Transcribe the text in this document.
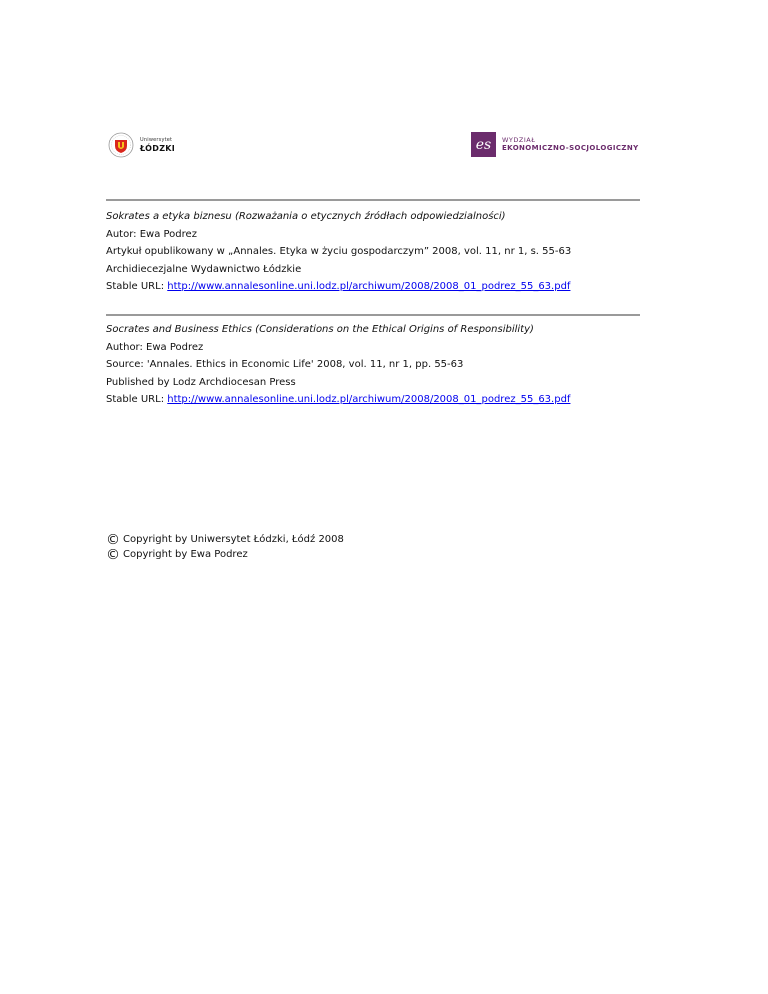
Uniwersytet
ŁÓDZKI	es	WYDZIAŁ
EKONOMICZNO-SOCJOLOGICZNY
Sokrates a etyka biznesu (Rozważania o etycznych źródłach odpowiedzialności)
Autor: Ewa Podrez
Artykuł opublikowany w „Annales. Etyka w życiu gospodarczym” 2008, vol. 11, nr 1, s. 55-63
Archidiecezjalne Wydawnictwo Łódzkie
Stable URL: http://www.annalesonline.uni.lodz.pl/archiwum/2008/2008_01_podrez_55_63.pdf
Socrates and Business Ethics (Considerations on the Ethical Origins of Responsibility)
Author: Ewa Podrez
Source: 'Annales. Ethics in Economic Life' 2008, vol. 11, nr 1, pp. 55-63
Published by Lodz Archdiocesan Press
Stable URL: http://www.annalesonline.uni.lodz.pl/archiwum/2008/2008_01_podrez_55_63.pdf
© Copyright by Uniwersytet Łódzki, Łódź 2008
© Copyright by Ewa Podrez
